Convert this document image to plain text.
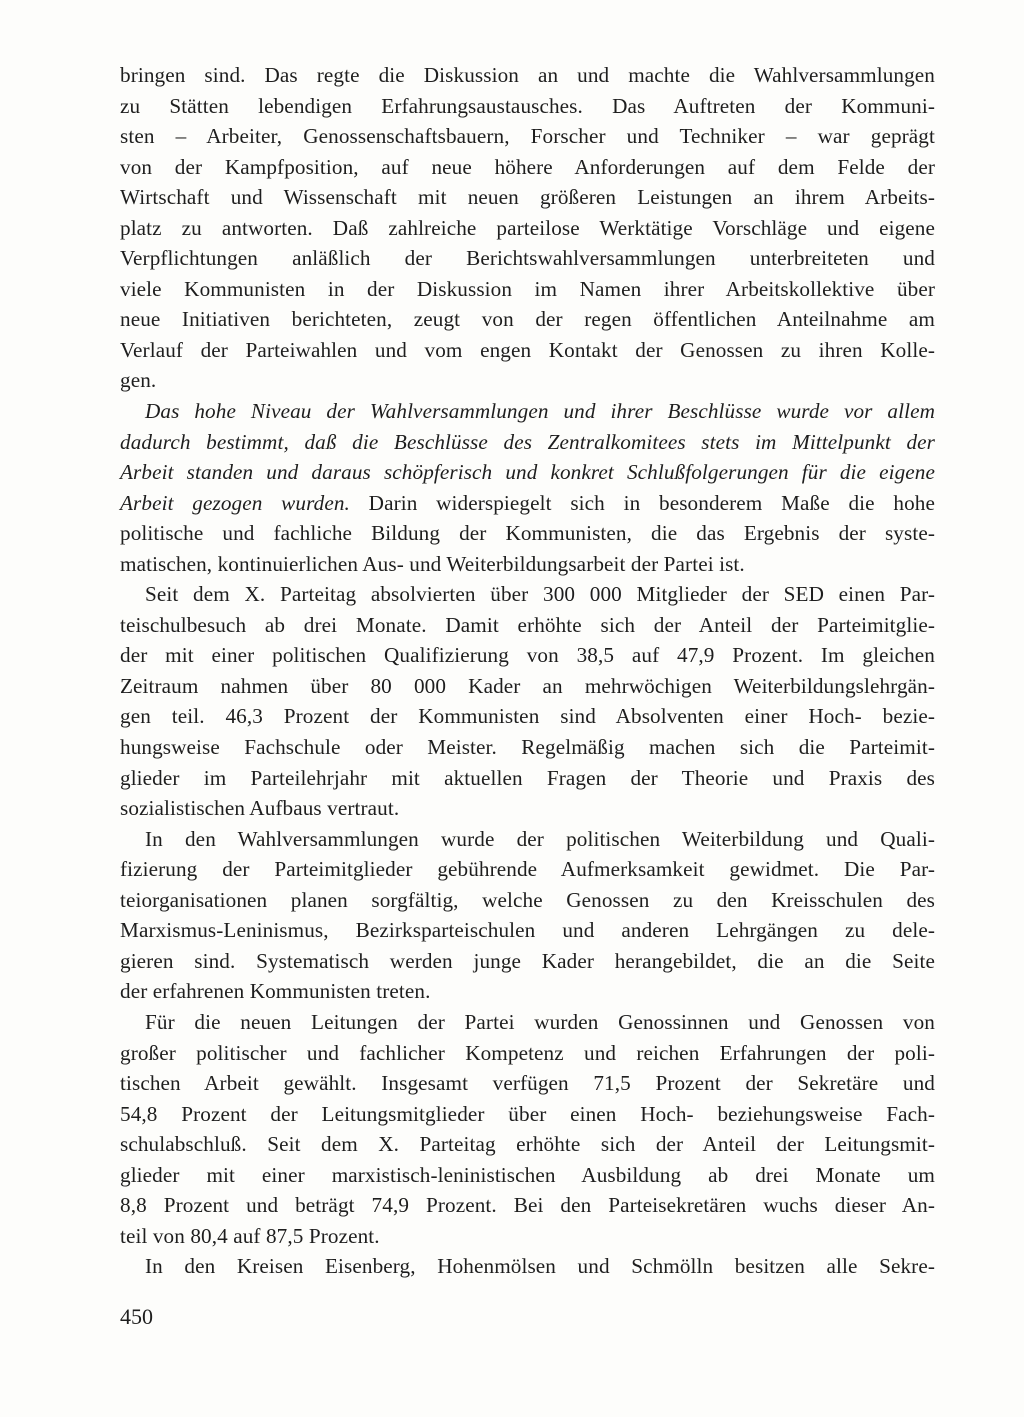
bringen sind. Das regte die Diskussion an und machte die Wahlversammlungen
zu Stätten lebendigen Erfahrungsaustausches. Das Auftreten der Kommuni-
sten – Arbeiter, Genossenschaftsbauern, Forscher und Techniker – war geprägt
von der Kampfposition, auf neue höhere Anforderungen auf dem Felde der
Wirtschaft und Wissenschaft mit neuen größeren Leistungen an ihrem Arbeits-
platz zu antworten. Daß zahlreiche parteilose Werktätige Vorschläge und eigene
Verpflichtungen anläßlich der Berichtswahlversammlungen unterbreiteten und
viele Kommunisten in der Diskussion im Namen ihrer Arbeitskollektive über
neue Initiativen berichteten, zeugt von der regen öffentlichen Anteilnahme am
Verlauf der Parteiwahlen und vom engen Kontakt der Genossen zu ihren Kolle-
gen.
Das hohe Niveau der Wahlversammlungen und ihrer Beschlüsse wurde vor allem
dadurch bestimmt, daß die Beschlüsse des Zentralkomitees stets im Mittelpunkt der
Arbeit standen und daraus schöpferisch und konkret Schlußfolgerungen für die eigene
Arbeit gezogen wurden. Darin widerspiegelt sich in besonderem Maße die hohe
politische und fachliche Bildung der Kommunisten, die das Ergebnis der syste-
matischen, kontinuierlichen Aus- und Weiterbildungsarbeit der Partei ist.
Seit dem X. Parteitag absolvierten über 300 000 Mitglieder der SED einen Par-
teischulbesuch ab drei Monate. Damit erhöhte sich der Anteil der Parteimitglie-
der mit einer politischen Qualifizierung von 38,5 auf 47,9 Prozent. Im gleichen
Zeitraum nahmen über 80 000 Kader an mehrwöchigen Weiterbildungslehrgän-
gen teil. 46,3 Prozent der Kommunisten sind Absolventen einer Hoch- bezie-
hungsweise Fachschule oder Meister. Regelmäßig machen sich die Parteimit-
glieder im Parteilehrjahr mit aktuellen Fragen der Theorie und Praxis des
sozialistischen Aufbaus vertraut.
In den Wahlversammlungen wurde der politischen Weiterbildung und Quali-
fizierung der Parteimitglieder gebührende Aufmerksamkeit gewidmet. Die Par-
teiorganisationen planen sorgfältig, welche Genossen zu den Kreisschulen des
Marxismus-Leninismus, Bezirksparteischulen und anderen Lehrgängen zu dele-
gieren sind. Systematisch werden junge Kader herangebildet, die an die Seite
der erfahrenen Kommunisten treten.
Für die neuen Leitungen der Partei wurden Genossinnen und Genossen von
großer politischer und fachlicher Kompetenz und reichen Erfahrungen der poli-
tischen Arbeit gewählt. Insgesamt verfügen 71,5 Prozent der Sekretäre und
54,8 Prozent der Leitungsmitglieder über einen Hoch- beziehungsweise Fach-
schulabschluß. Seit dem X. Parteitag erhöhte sich der Anteil der Leitungsmit-
glieder mit einer marxistisch-leninistischen Ausbildung ab drei Monate um
8,8 Prozent und beträgt 74,9 Prozent. Bei den Parteisekretären wuchs dieser An-
teil von 80,4 auf 87,5 Prozent.
In den Kreisen Eisenberg, Hohenmölsen und Schmölln besitzen alle Sekre-
450
